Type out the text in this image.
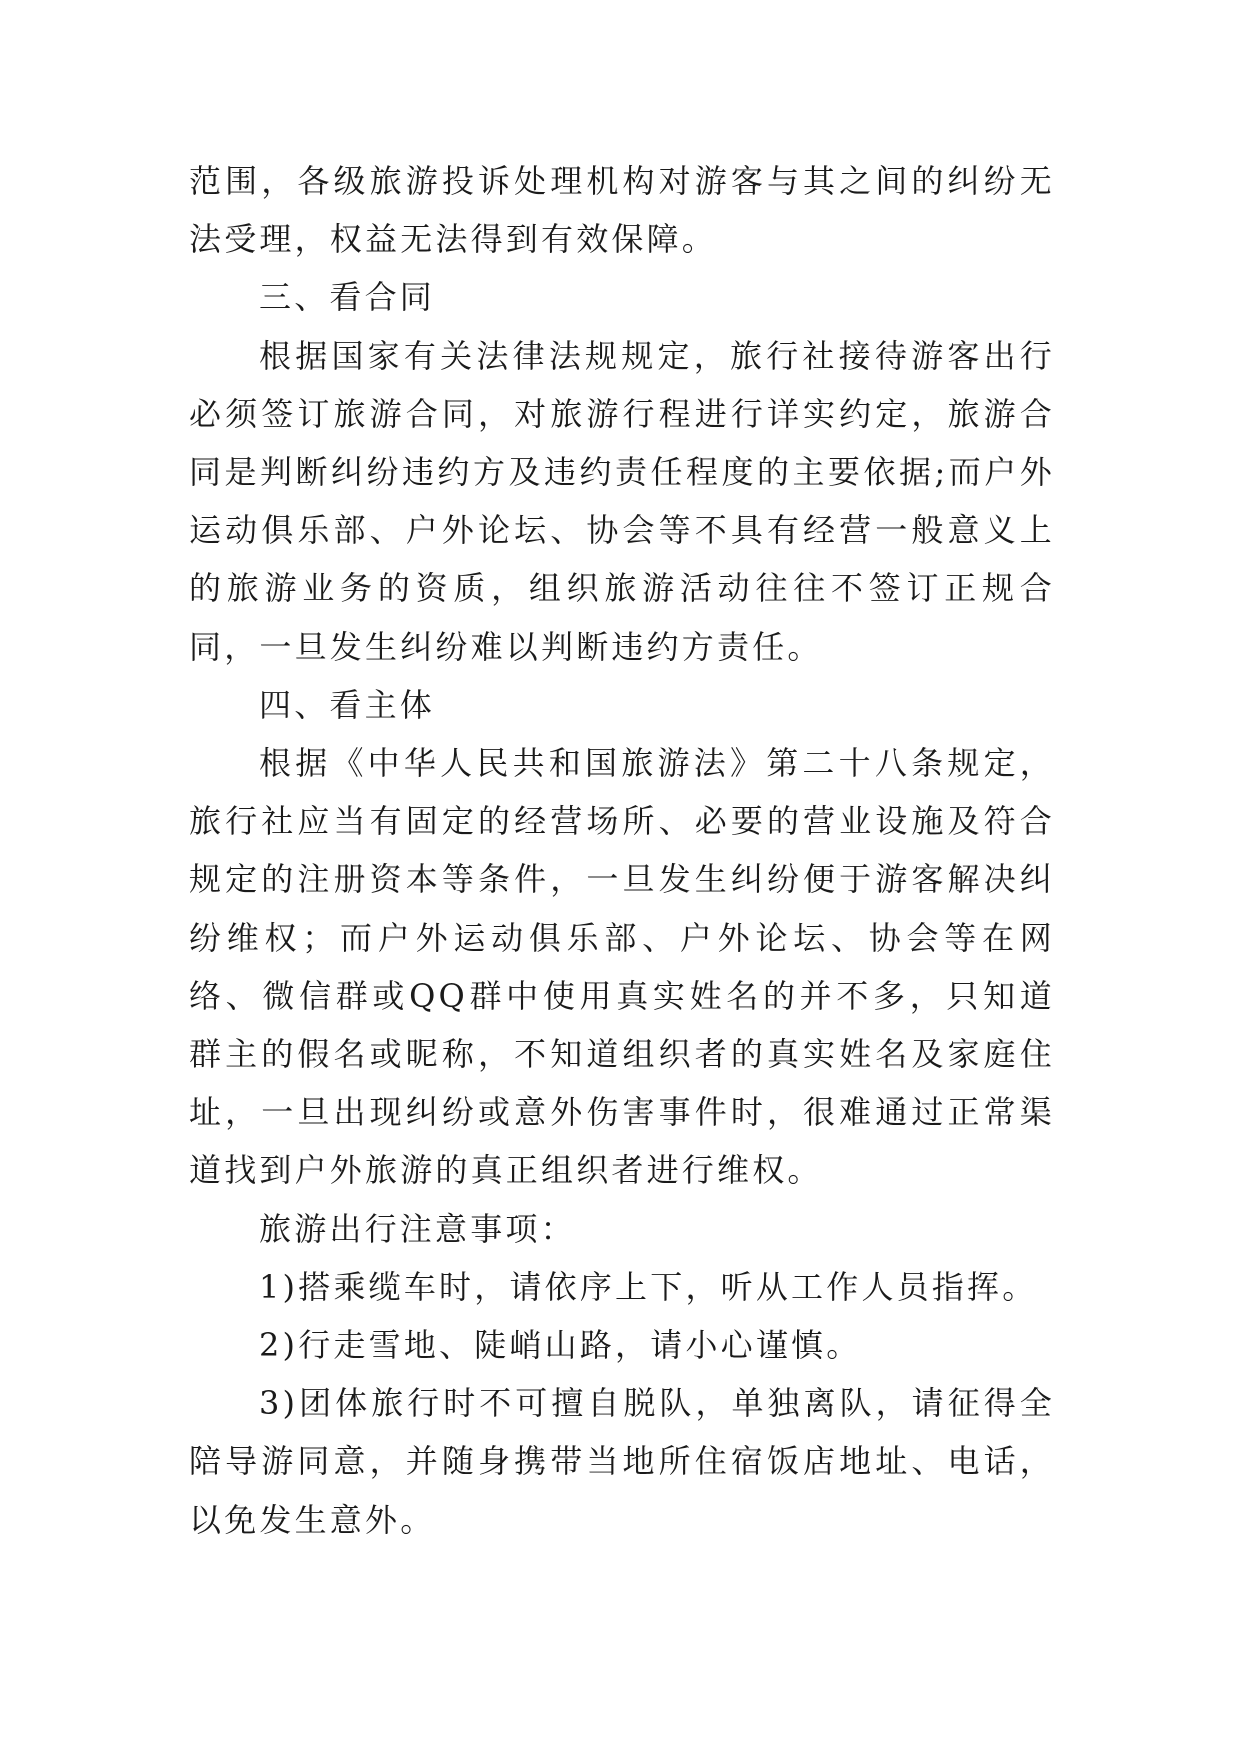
范围，各级旅游投诉处理机构对游客与其之间的纠纷无法受理，权益无法得到有效保障。

三、看合同

根据国家有关法律法规规定，旅行社接待游客出行必须签订旅游合同，对旅游行程进行详实约定，旅游合同是判断纠纷违约方及违约责任程度的主要依据;而户外运动俱乐部、户外论坛、协会等不具有经营一般意义上的旅游业务的资质，组织旅游活动往往不签订正规合同，一旦发生纠纷难以判断违约方责任。

四、看主体

根据《中华人民共和国旅游法》第二十八条规定，旅行社应当有固定的经营场所、必要的营业设施及符合规定的注册资本等条件，一旦发生纠纷便于游客解决纠纷维权；而户外运动俱乐部、户外论坛、协会等在网络、微信群或QQ群中使用真实姓名的并不多，只知道群主的假名或昵称，不知道组织者的真实姓名及家庭住址，一旦出现纠纷或意外伤害事件时，很难通过正常渠道找到户外旅游的真正组织者进行维权。

旅游出行注意事项：

1)搭乘缆车时，请依序上下，听从工作人员指挥。

2)行走雪地、陡峭山路，请小心谨慎。

3)团体旅行时不可擅自脱队，单独离队，请征得全陪导游同意，并随身携带当地所住宿饭店地址、电话，以免发生意外。
